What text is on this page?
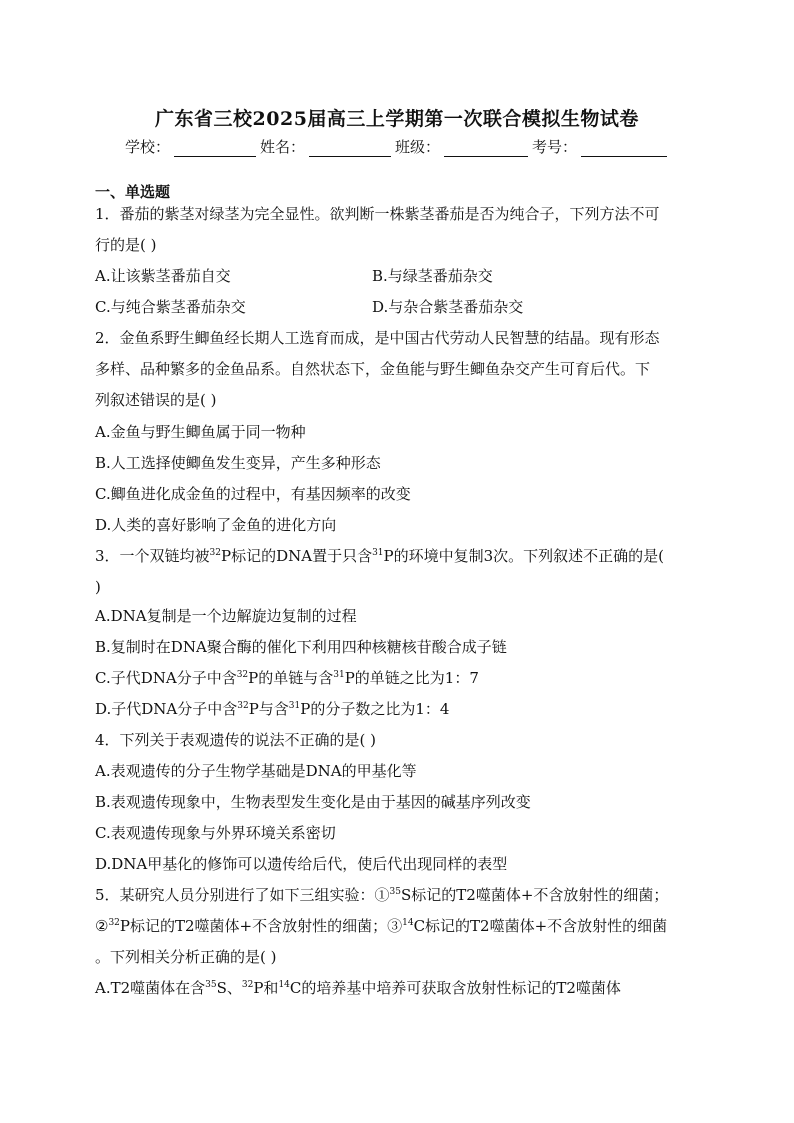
广东省三校2025届高三上学期第一次联合模拟生物试卷
学校：	姓名：	班级：	考号：
一、单选题
1．番茄的紫茎对绿茎为完全显性。欲判断一株紫茎番茄是否为纯合子，下列方法不可
行的是( )
A.让该紫茎番茄自交	B.与绿茎番茄杂交
C.与纯合紫茎番茄杂交	D.与杂合紫茎番茄杂交
2．金鱼系野生鲫鱼经长期人工选育而成，是中国古代劳动人民智慧的结晶。现有形态
多样、品种繁多的金鱼品系。自然状态下，金鱼能与野生鲫鱼杂交产生可育后代。下
列叙述错误的是( )
A.金鱼与野生鲫鱼属于同一物种
B.人工选择使鲫鱼发生变异，产生多种形态
C.鲫鱼进化成金鱼的过程中，有基因频率的改变
D.人类的喜好影响了金鱼的进化方向
3．一个双链均被$^{32}$P标记的DNA置于只含$^{31}$P的环境中复制3次。下列叙述不正确的是(
)
A.DNA复制是一个边解旋边复制的过程
B.复制时在DNA聚合酶的催化下利用四种核糖核苷酸合成子链
C.子代DNA分子中含$^{32}$P的单链与含$^{31}$P的单链之比为1：7
D.子代DNA分子中含$^{32}$P与含$^{31}$P的分子数之比为1：4
4．下列关于表观遗传的说法不正确的是( )
A.表观遗传的分子生物学基础是DNA的甲基化等
B.表观遗传现象中，生物表型发生变化是由于基因的碱基序列改变
C.表观遗传现象与外界环境关系密切
D.DNA甲基化的修饰可以遗传给后代，使后代出现同样的表型
5．某研究人员分别进行了如下三组实验：①$^{35}$S标记的T2噬菌体+不含放射性的细菌；
②$^{32}$P标记的T2噬菌体+不含放射性的细菌；③$^{14}$C标记的T2噬菌体+不含放射性的细菌
。下列相关分析正确的是( )
A.T2噬菌体在含$^{35}$S、$^{32}$P和$^{14}$C的培养基中培养可获取含放射性标记的T2噬菌体
